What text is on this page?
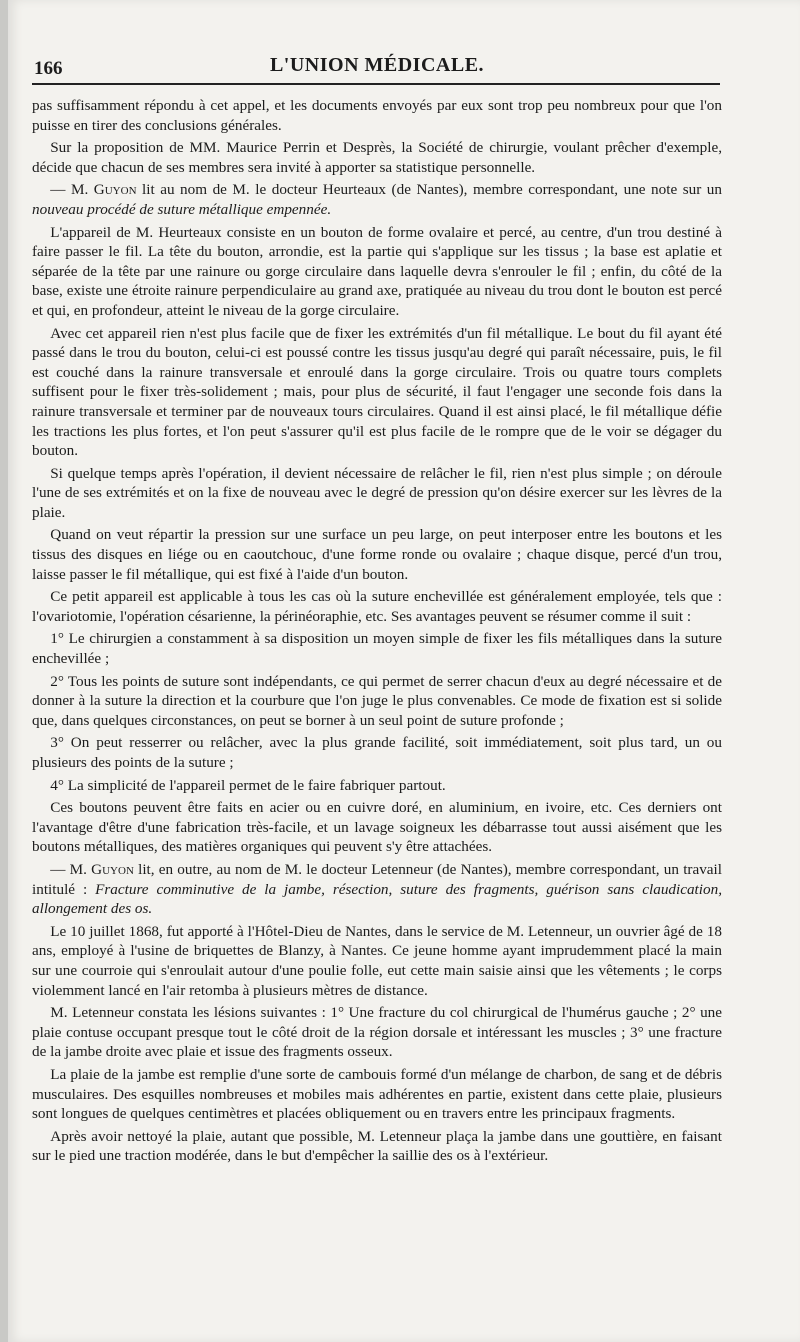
166	L'UNION MÉDICALE.

pas suffisamment répondu à cet appel, et les documents envoyés par eux sont trop peu nombreux pour que l'on puisse en tirer des conclusions générales.

Sur la proposition de MM. Maurice Perrin et Desprès, la Société de chirurgie, voulant prêcher d'exemple, décide que chacun de ses membres sera invité à apporter sa statistique personnelle.

— M. Guyon lit au nom de M. le docteur Heurteaux (de Nantes), membre correspondant, une note sur un nouveau procédé de suture métallique empennée.

L'appareil de M. Heurteaux consiste en un bouton de forme ovalaire et percé, au centre, d'un trou destiné à faire passer le fil. La tête du bouton, arrondie, est la partie qui s'applique sur les tissus ; la base est aplatie et séparée de la tête par une rainure ou gorge circulaire dans laquelle devra s'enrouler le fil ; enfin, du côté de la base, existe une étroite rainure perpendiculaire au grand axe, pratiquée au niveau du trou dont le bouton est percé et qui, en profondeur, atteint le niveau de la gorge circulaire.

Avec cet appareil rien n'est plus facile que de fixer les extrémités d'un fil métallique. Le bout du fil ayant été passé dans le trou du bouton, celui-ci est poussé contre les tissus jusqu'au degré qui paraît nécessaire, puis, le fil est couché dans la rainure transversale et enroulé dans la gorge circulaire. Trois ou quatre tours complets suffisent pour le fixer très-solidement ; mais, pour plus de sécurité, il faut l'engager une seconde fois dans la rainure transversale et terminer par de nouveaux tours circulaires. Quand il est ainsi placé, le fil métallique défie les tractions les plus fortes, et l'on peut s'assurer qu'il est plus facile de le rompre que de le voir se dégager du bouton.

Si quelque temps après l'opération, il devient nécessaire de relâcher le fil, rien n'est plus simple ; on déroule l'une de ses extrémités et on la fixe de nouveau avec le degré de pression qu'on désire exercer sur les lèvres de la plaie.

Quand on veut répartir la pression sur une surface un peu large, on peut interposer entre les boutons et les tissus des disques en liége ou en caoutchouc, d'une forme ronde ou ovalaire ; chaque disque, percé d'un trou, laisse passer le fil métallique, qui est fixé à l'aide d'un bouton.

Ce petit appareil est applicable à tous les cas où la suture enchevillée est généralement employée, tels que : l'ovariotomie, l'opération césarienne, la périnéoraphie, etc. Ses avantages peuvent se résumer comme il suit :

1° Le chirurgien a constamment à sa disposition un moyen simple de fixer les fils métalliques dans la suture enchevillée ;

2° Tous les points de suture sont indépendants, ce qui permet de serrer chacun d'eux au degré nécessaire et de donner à la suture la direction et la courbure que l'on juge le plus convenables. Ce mode de fixation est si solide que, dans quelques circonstances, on peut se borner à un seul point de suture profonde ;

3° On peut resserrer ou relâcher, avec la plus grande facilité, soit immédiatement, soit plus tard, un ou plusieurs des points de la suture ;

4° La simplicité de l'appareil permet de le faire fabriquer partout.

Ces boutons peuvent être faits en acier ou en cuivre doré, en aluminium, en ivoire, etc. Ces derniers ont l'avantage d'être d'une fabrication très-facile, et un lavage soigneux les débarrasse tout aussi aisément que les boutons métalliques, des matières organiques qui peuvent s'y être attachées.

— M. Guyon lit, en outre, au nom de M. le docteur Letenneur (de Nantes), membre correspondant, un travail intitulé : Fracture comminutive de la jambe, résection, suture des fragments, guérison sans claudication, allongement des os.

Le 10 juillet 1868, fut apporté à l'Hôtel-Dieu de Nantes, dans le service de M. Letenneur, un ouvrier âgé de 18 ans, employé à l'usine de briquettes de Blanzy, à Nantes. Ce jeune homme ayant imprudemment placé la main sur une courroie qui s'enroulait autour d'une poulie folle, eut cette main saisie ainsi que les vêtements ; le corps violemment lancé en l'air retomba à plusieurs mètres de distance.

M. Letenneur constata les lésions suivantes : 1° Une fracture du col chirurgical de l'humérus gauche ; 2° une plaie contuse occupant presque tout le côté droit de la région dorsale et intéressant les muscles ; 3° une fracture de la jambe droite avec plaie et issue des fragments osseux.

La plaie de la jambe est remplie d'une sorte de cambouis formé d'un mélange de charbon, de sang et de débris musculaires. Des esquilles nombreuses et mobiles mais adhérentes en partie, existent dans cette plaie, plusieurs sont longues de quelques centimètres et placées obliquement ou en travers entre les principaux fragments.

Après avoir nettoyé la plaie, autant que possible, M. Letenneur plaça la jambe dans une gouttière, en faisant sur le pied une traction modérée, dans le but d'empêcher la saillie des os à l'extérieur.
